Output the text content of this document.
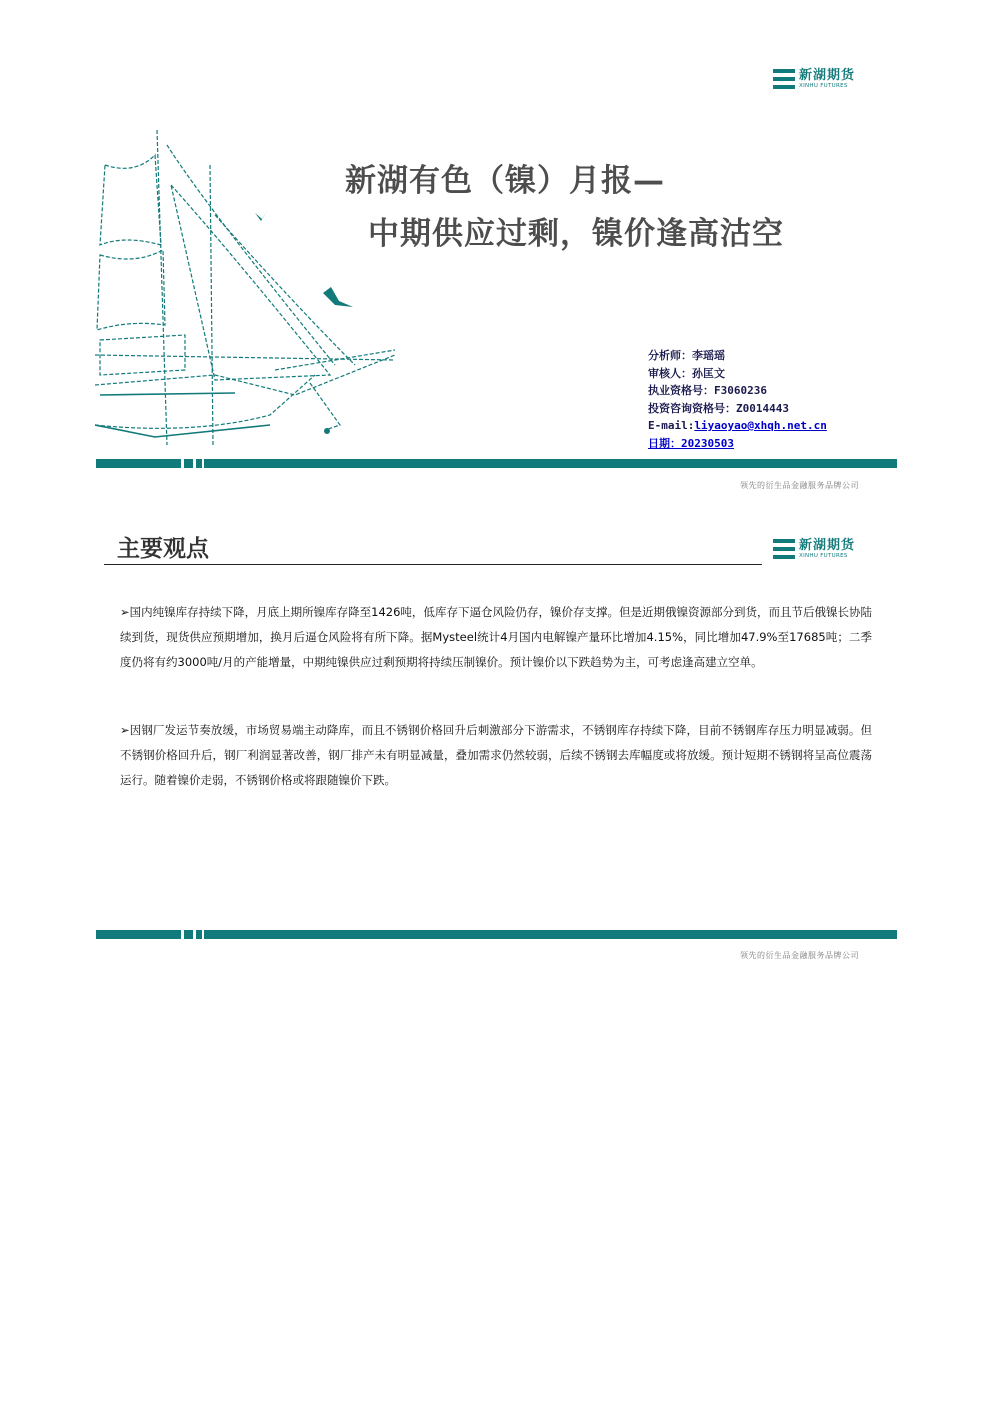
新湖期货
XINHU FUTURES
新湖有色（镍）月报—
中期供应过剩，镍价逢高沽空
分析师：李瑶瑶
审核人：孙匡文
执业资格号：F3060236
投资咨询资格号：Z0014443
E-mail:liyaoyao@xhqh.net.cn
日期：20230503
领先的衍生品金融服务品牌公司
主要观点	新湖期货
XINHU FUTURES
➢国内纯镍库存持续下降，月底上期所镍库存降至1426吨，低库存下逼仓风险仍存，镍价存支撑。但是近期俄镍资源部分到货，而且节后俄镍长协陆续到货，现货供应预期增加，换月后逼仓风险将有所下降。据Mysteel统计4月国内电解镍产量环比增加4.15%，同比增加47.9%至17685吨；二季度仍将有约3000吨/月的产能增量，中期纯镍供应过剩预期将持续压制镍价。预计镍价以下跌趋势为主，可考虑逢高建立空单。
➢因钢厂发运节奏放缓，市场贸易端主动降库，而且不锈钢价格回升后刺激部分下游需求，不锈钢库存持续下降，目前不锈钢库存压力明显减弱。但不锈钢价格回升后，钢厂利润显著改善，钢厂排产未有明显减量，叠加需求仍然较弱，后续不锈钢去库幅度或将放缓。预计短期不锈钢将呈高位震荡运行。随着镍价走弱，不锈钢价格或将跟随镍价下跌。
领先的衍生品金融服务品牌公司
